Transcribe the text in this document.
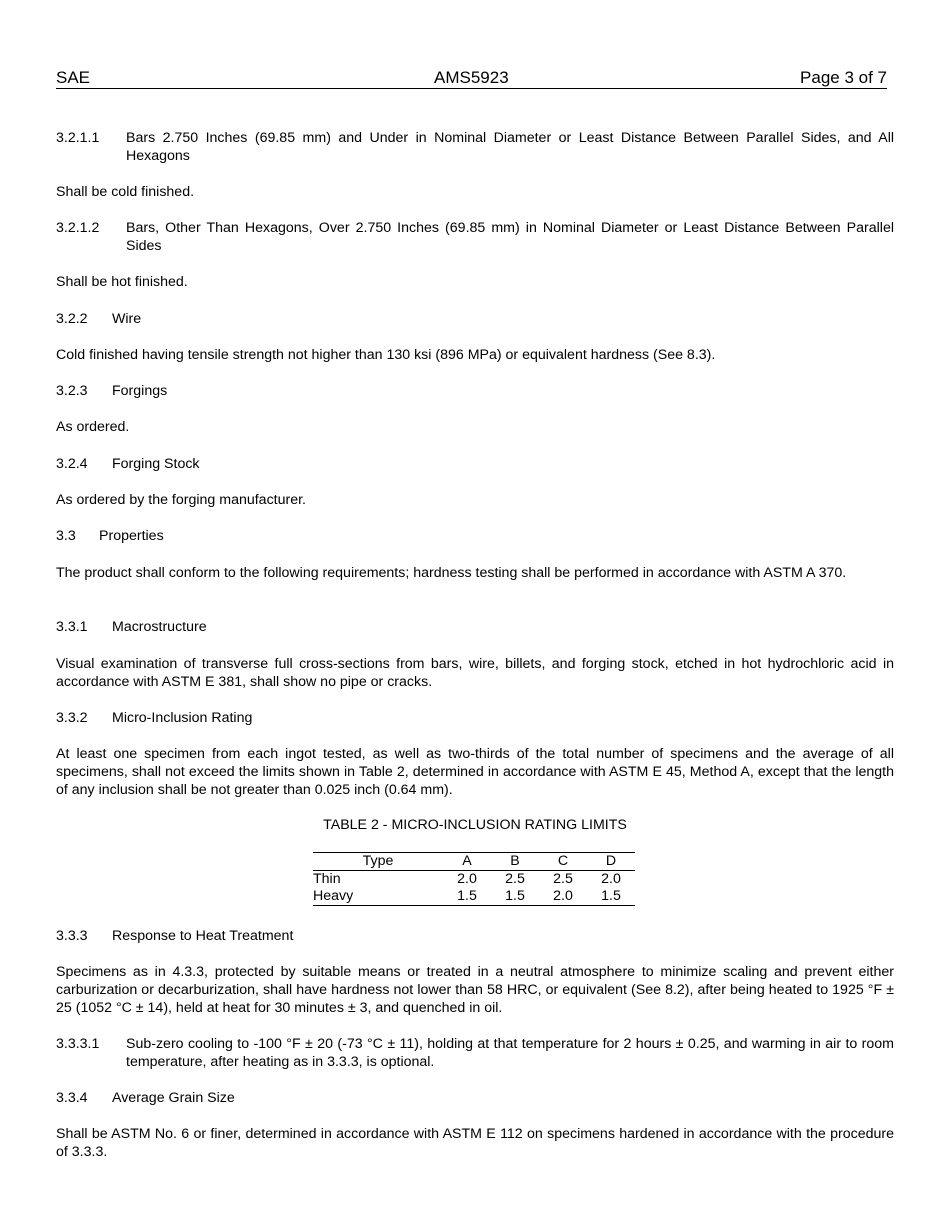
SAE	AMS5923	Page 3 of 7
3.2.1.1 Bars 2.750 Inches (69.85 mm) and Under in Nominal Diameter or Least Distance Between Parallel Sides, and All Hexagons
Shall be cold finished.
3.2.1.2 Bars, Other Than Hexagons, Over 2.750 Inches (69.85 mm) in Nominal Diameter or Least Distance Between Parallel Sides
Shall be hot finished.
3.2.2 Wire
Cold finished having tensile strength not higher than 130 ksi (896 MPa) or equivalent hardness (See 8.3).
3.2.3 Forgings
As ordered.
3.2.4 Forging Stock
As ordered by the forging manufacturer.
3.3 Properties
The product shall conform to the following requirements; hardness testing shall be performed in accordance with ASTM A 370.
3.3.1 Macrostructure
Visual examination of transverse full cross-sections from bars, wire, billets, and forging stock, etched in hot hydrochloric acid in accordance with ASTM E 381, shall show no pipe or cracks.
3.3.2 Micro-Inclusion Rating
At least one specimen from each ingot tested, as well as two-thirds of the total number of specimens and the average of all specimens, shall not exceed the limits shown in Table 2, determined in accordance with ASTM E 45, Method A, except that the length of any inclusion shall be not greater than 0.025 inch (0.64 mm).
TABLE 2 - MICRO-INCLUSION RATING LIMITS
Type	A	B	C	D
Thin	2.0	2.5	2.5	2.0
Heavy	1.5	1.5	2.0	1.5
3.3.3 Response to Heat Treatment
Specimens as in 4.3.3, protected by suitable means or treated in a neutral atmosphere to minimize scaling and prevent either carburization or decarburization, shall have hardness not lower than 58 HRC, or equivalent (See 8.2), after being heated to 1925 °F ± 25 (1052 °C ± 14), held at heat for 30 minutes ± 3, and quenched in oil.
3.3.3.1 Sub-zero cooling to -100 °F ± 20 (-73 °C ± 11), holding at that temperature for 2 hours ± 0.25, and warming in air to room temperature, after heating as in 3.3.3, is optional.
3.3.4 Average Grain Size
Shall be ASTM No. 6 or finer, determined in accordance with ASTM E 112 on specimens hardened in accordance with the procedure of 3.3.3.
